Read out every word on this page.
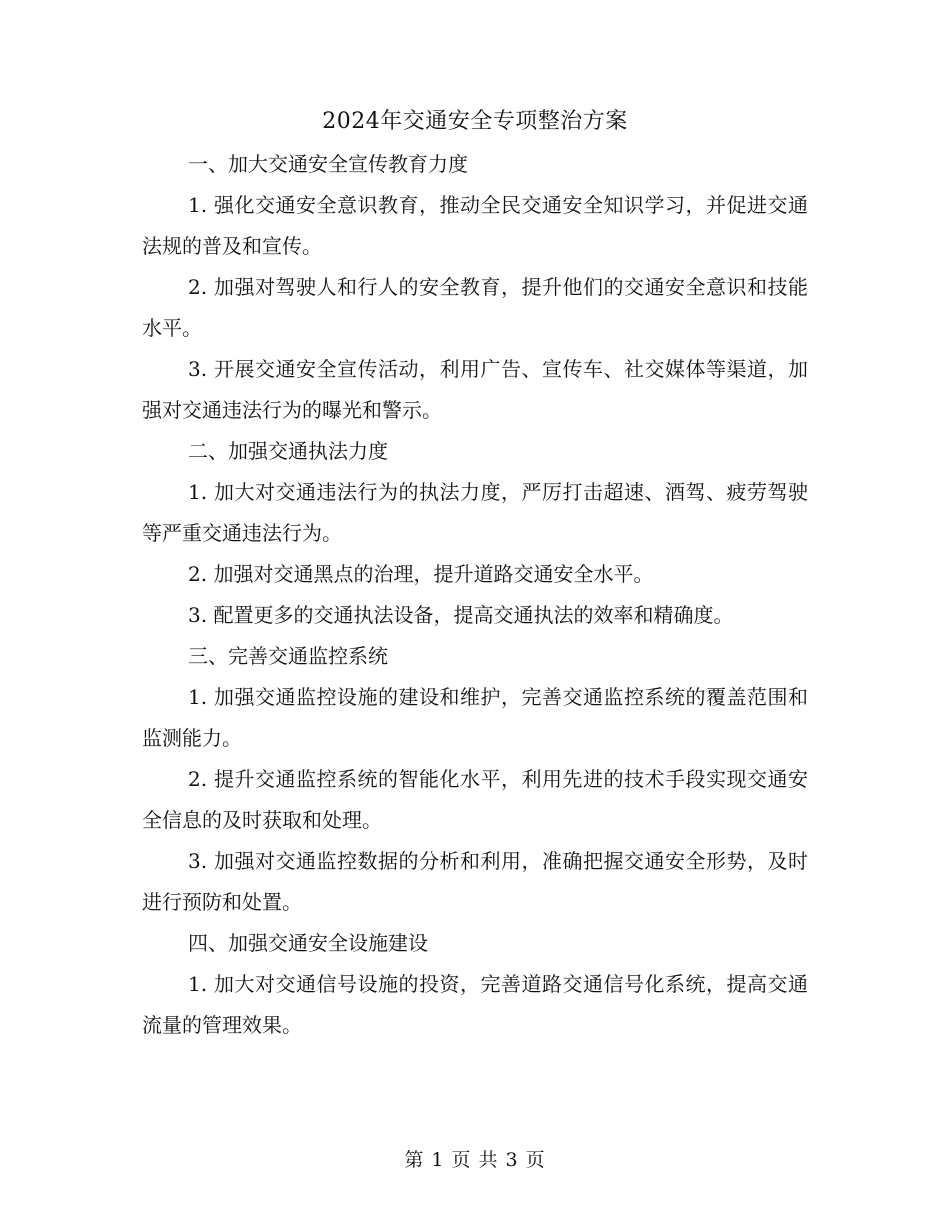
2024年交通安全专项整治方案

一、加大交通安全宣传教育力度

1. 强化交通安全意识教育，推动全民交通安全知识学习，并促进交通法规的普及和宣传。

2. 加强对驾驶人和行人的安全教育，提升他们的交通安全意识和技能水平。

3. 开展交通安全宣传活动，利用广告、宣传车、社交媒体等渠道，加强对交通违法行为的曝光和警示。

二、加强交通执法力度

1. 加大对交通违法行为的执法力度，严厉打击超速、酒驾、疲劳驾驶等严重交通违法行为。

2. 加强对交通黑点的治理，提升道路交通安全水平。

3. 配置更多的交通执法设备，提高交通执法的效率和精确度。

三、完善交通监控系统

1. 加强交通监控设施的建设和维护，完善交通监控系统的覆盖范围和监测能力。

2. 提升交通监控系统的智能化水平，利用先进的技术手段实现交通安全信息的及时获取和处理。

3. 加强对交通监控数据的分析和利用，准确把握交通安全形势，及时进行预防和处置。

四、加强交通安全设施建设

1. 加大对交通信号设施的投资，完善道路交通信号化系统，提高交通流量的管理效果。

第 1 页 共 3 页
